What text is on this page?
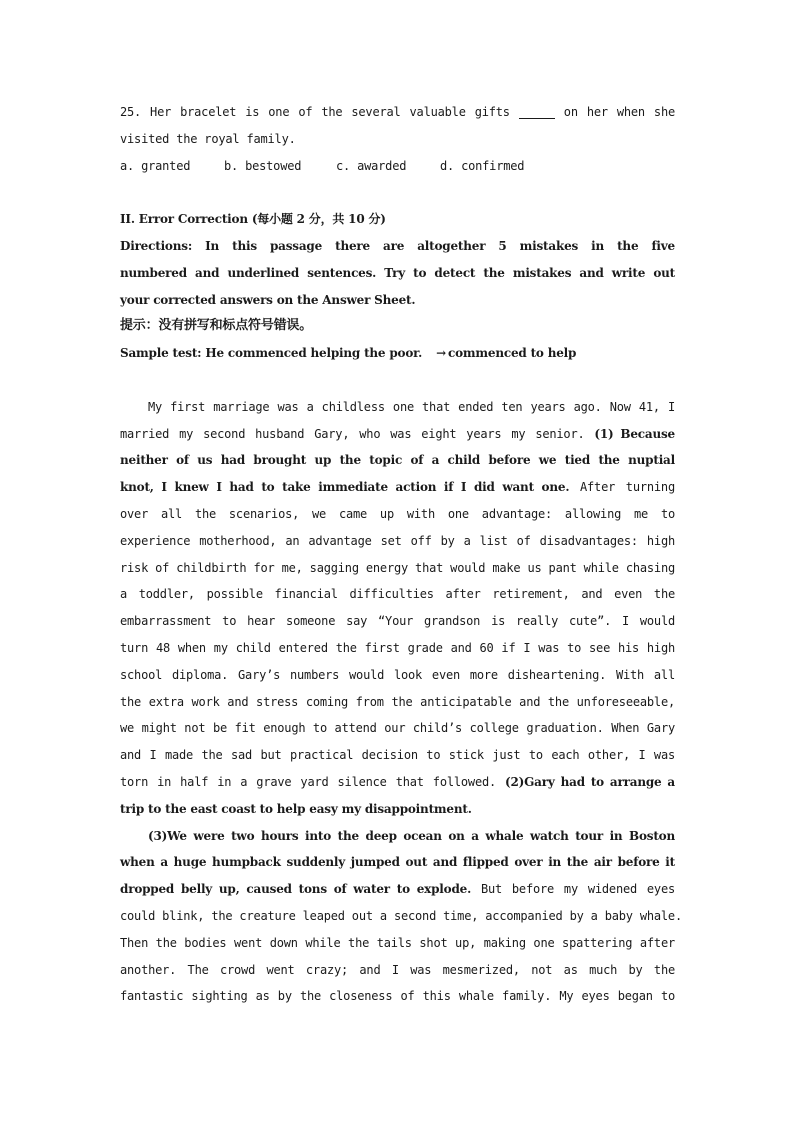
25. Her bracelet is one of the several valuable gifts	on her when she
visited the royal family.
a. granted	b. bestowed	c. awarded	d. confirmed
II. Error Correction (每小题 2 分，共 10 分)
Directions: In this passage there are altogether 5 mistakes in the five
numbered and underlined sentences. Try to detect the mistakes and write out
your corrected answers on the Answer Sheet.
提示：没有拼写和标点符号错误。
Sample test: He commenced helping the poor. → commenced to help
My first marriage was a childless one that ended ten years ago. Now 41, I
married my second husband Gary, who was eight years my senior. (1) Because
neither of us had brought up the topic of a child before we tied the nuptial
knot, I knew I had to take immediate action if I did want one. After turning
over all the scenarios, we came up with one advantage: allowing me to
experience motherhood, an advantage set off by a list of disadvantages: high
risk of childbirth for me, sagging energy that would make us pant while chasing
a toddler, possible financial difficulties after retirement, and even the
embarrassment to hear someone say “Your grandson is really cute”. I would
turn 48 when my child entered the first grade and 60 if I was to see his high
school diploma. Gary’s numbers would look even more disheartening. With all
the extra work and stress coming from the anticipatable and the unforeseeable,
we might not be fit enough to attend our child’s college graduation. When Gary
and I made the sad but practical decision to stick just to each other, I was
torn in half in a grave yard silence that followed. (2)Gary had to arrange a
trip to the east coast to help easy my disappointment.
(3)We were two hours into the deep ocean on a whale watch tour in Boston
when a huge humpback suddenly jumped out and flipped over in the air before it
dropped belly up, caused tons of water to explode. But before my widened eyes
could blink, the creature leaped out a second time, accompanied by a baby whale.
Then the bodies went down while the tails shot up, making one spattering after
another. The crowd went crazy; and I was mesmerized, not as much by the
fantastic sighting as by the closeness of this whale family. My eyes began to
